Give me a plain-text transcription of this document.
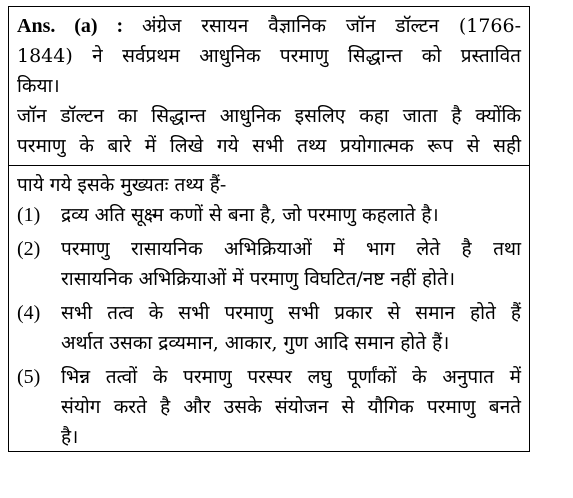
Ans. (a) : अंग्रेज रसायन वैज्ञानिक जॉन डॉल्टन (1766-
1844) ने सर्वप्रथम आधुनिक परमाणु सिद्धान्त को प्रस्तावित
किया।
जॉन डॉल्टन का सिद्धान्त आधुनिक इसलिए कहा जाता है क्योंकि
परमाणु के बारे में लिखे गये सभी तथ्य प्रयोगात्मक रूप से सही
पाये गये इसके मुख्यतः तथ्य हैं-
(1)	द्रव्य अति सूक्ष्म कणों से बना है, जो परमाणु कहलाते है।
(2)	परमाणु रासायनिक अभिक्रियाओं में भाग लेते है तथा
रासायनिक अभिक्रियाओं में परमाणु विघटित/नष्ट नहीं होते।
(4)	सभी तत्व के सभी परमाणु सभी प्रकार से समान होते हैं
अर्थात उसका द्रव्यमान, आकार, गुण आदि समान होते हैं।
(5)	भिन्न तत्वों के परमाणु परस्पर लघु पूर्णांकों के अनुपात में
संयोग करते है और उसके संयोजन से यौगिक परमाणु बनते
है।
